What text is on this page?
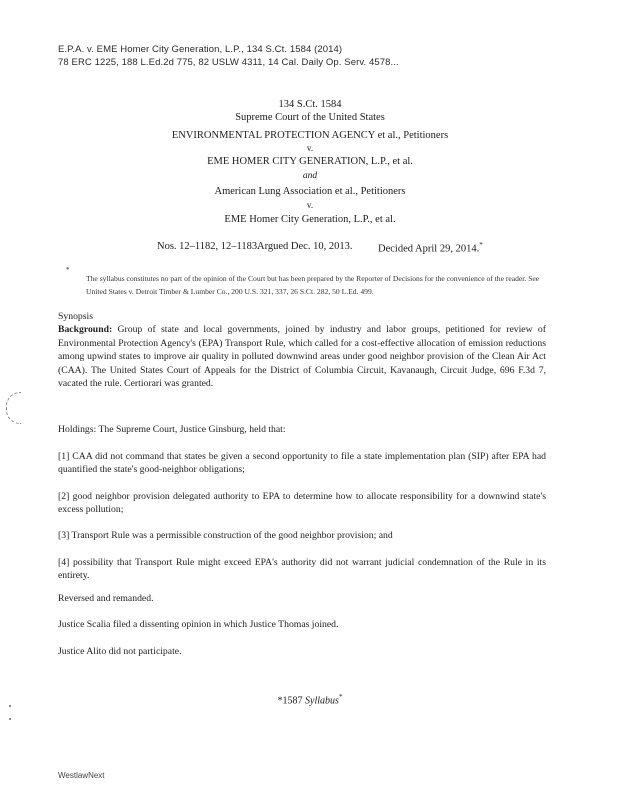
E.P.A. v. EME Homer City Generation, L.P., 134 S.Ct. 1584 (2014)
78 ERC 1225, 188 L.Ed.2d 775, 82 USLW 4311, 14 Cal. Daily Op. Serv. 4578...
134 S.Ct. 1584
Supreme Court of the United States
ENVIRONMENTAL PROTECTION AGENCY et al., Petitioners
v.
EME HOMER CITY GENERATION, L.P., et al.
and
American Lung Association et al., Petitioners
v.
EME Homer City Generation, L.P., et al.
Nos. 12–1182, 12–1183.
Argued Dec. 10, 2013. Decided April 29, 2014.*
*
The syllabus constitutes no part of the opinion of the Court but has been prepared by the Reporter of Decisions for the convenience of the reader. See United States v. Detroit Timber & Lumber Co., 200 U.S. 321, 337, 26 S.Ct. 282, 50 L.Ed. 499.
Synopsis
Background: Group of state and local governments, joined by industry and labor groups, petitioned for review of Environmental Protection Agency's (EPA) Transport Rule, which called for a cost-effective allocation of emission reductions among upwind states to improve air quality in polluted downwind areas under good neighbor provision of the Clean Air Act (CAA). The United States Court of Appeals for the District of Columbia Circuit, Kavanaugh, Circuit Judge, 696 F.3d 7, vacated the rule. Certiorari was granted.
Holdings: The Supreme Court, Justice Ginsburg, held that:
[1] CAA did not command that states be given a second opportunity to file a state implementation plan (SIP) after EPA had quantified the state's good-neighbor obligations;
[2] good neighbor provision delegated authority to EPA to determine how to allocate responsibility for a downwind state's excess pollution;
[3] Transport Rule was a permissible construction of the good neighbor provision; and
[4] possibility that Transport Rule might exceed EPA's authority did not warrant judicial condemnation of the Rule in its entirety.
Reversed and remanded.
Justice Scalia filed a dissenting opinion in which Justice Thomas joined.
Justice Alito did not participate.
*1587 Syllabus*
WestlawNext
